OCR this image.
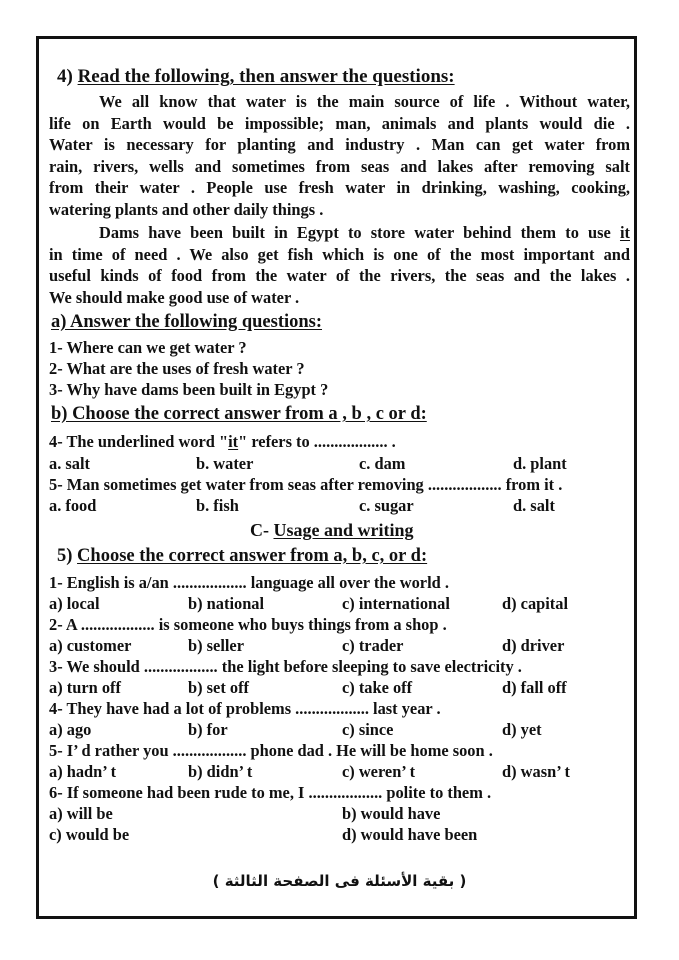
4) Read the following, then answer the questions:
We all know that water is the main source of life . Without water,
life on Earth would be impossible; man, animals and plants would die .
Water is necessary for planting and industry . Man can get water from
rain, rivers, wells and sometimes from seas and lakes after removing salt
from their water . People use fresh water in drinking, washing, cooking,
watering plants and other daily things .
Dams have been built in Egypt to store water behind them to use it
in time of need . We also get fish which is one of the most important and
useful kinds of food from the water of the rivers, the seas and the lakes .
We should make good use of water .
a) Answer the following questions:
1- Where can we get water ?
2- What are the uses of fresh water ?
3- Why have dams been built in Egypt ?
b) Choose the correct answer from a , b , c or d:
4- The underlined word "it" refers to .................. .
a. salt	b. water	c. dam	d. plant
5- Man sometimes get water from seas after removing .................. from it .
a. food	b. fish	c. sugar	d. salt
C- Usage and writing
5) Choose the correct answer from a, b, c, or d:
1- English is a/an .................. language all over the world .
a) local	b) national	c) international	d) capital
2- A .................. is someone who buys things from a shop .
a) customer	b) seller	c) trader	d) driver
3- We should .................. the light before sleeping to save electricity .
a) turn off	b) set off	c) take off	d) fall off
4- They have had a lot of problems .................. last year .
a) ago	b) for	c) since	d) yet
5- I’ d rather you .................. phone dad . He will be home soon .
a) hadn’ t	b) didn’ t	c) weren’ t	d) wasn’ t
6- If someone had been rude to me, I .................. polite to them .
a) will be	b) would have
c) would be	d) would have been
( بقية الأسئلة فى الصفحة الثالثة )
